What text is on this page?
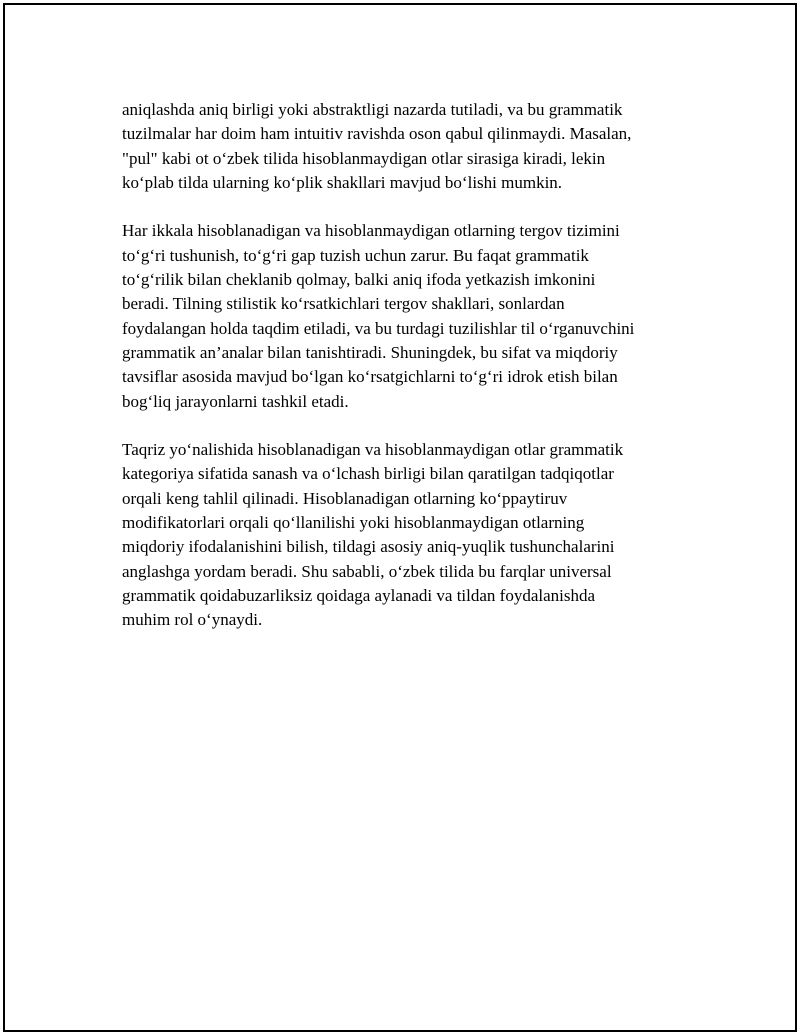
aniqlashda aniq birligi yoki abstraktligi nazarda tutiladi, va bu grammatik
tuzilmalar har doim ham intuitiv ravishda oson qabul qilinmaydi. Masalan,
"pul" kabi ot oʻzbek tilida hisoblanmaydigan otlar sirasiga kiradi, lekin
koʻplab tilda ularning koʻplik shakllari mavjud boʻlishi mumkin.

Har ikkala hisoblanadigan va hisoblanmaydigan otlarning tergov tizimini
toʻgʻri tushunish, toʻgʻri gap tuzish uchun zarur. Bu faqat grammatik
toʻgʻrilik bilan cheklanib qolmay, balki aniq ifoda yetkazish imkonini
beradi. Tilning stilistik koʻrsatkichlari tergov shakllari, sonlardan
foydalangan holda taqdim etiladi, va bu turdagi tuzilishlar til oʻrganuvchini
grammatik an’analar bilan tanishtiradi. Shuningdek, bu sifat va miqdoriy
tavsiflar asosida mavjud boʻlgan koʻrsatgichlarni toʻgʻri idrok etish bilan
bogʻliq jarayonlarni tashkil etadi.

Taqriz yoʻnalishida hisoblanadigan va hisoblanmaydigan otlar grammatik
kategoriya sifatida sanash va oʻlchash birligi bilan qaratilgan tadqiqotlar
orqali keng tahlil qilinadi. Hisoblanadigan otlarning koʻppaytiruv
modifikatorlari orqali qoʻllanilishi yoki hisoblanmaydigan otlarning
miqdoriy ifodalanishini bilish, tildagi asosiy aniq-yuqlik tushunchalarini
anglashga yordam beradi. Shu sababli, oʻzbek tilida bu farqlar universal
grammatik qoidabuzarliksiz qoidaga aylanadi va tildan foydalanishda
muhim rol oʻynaydi.
